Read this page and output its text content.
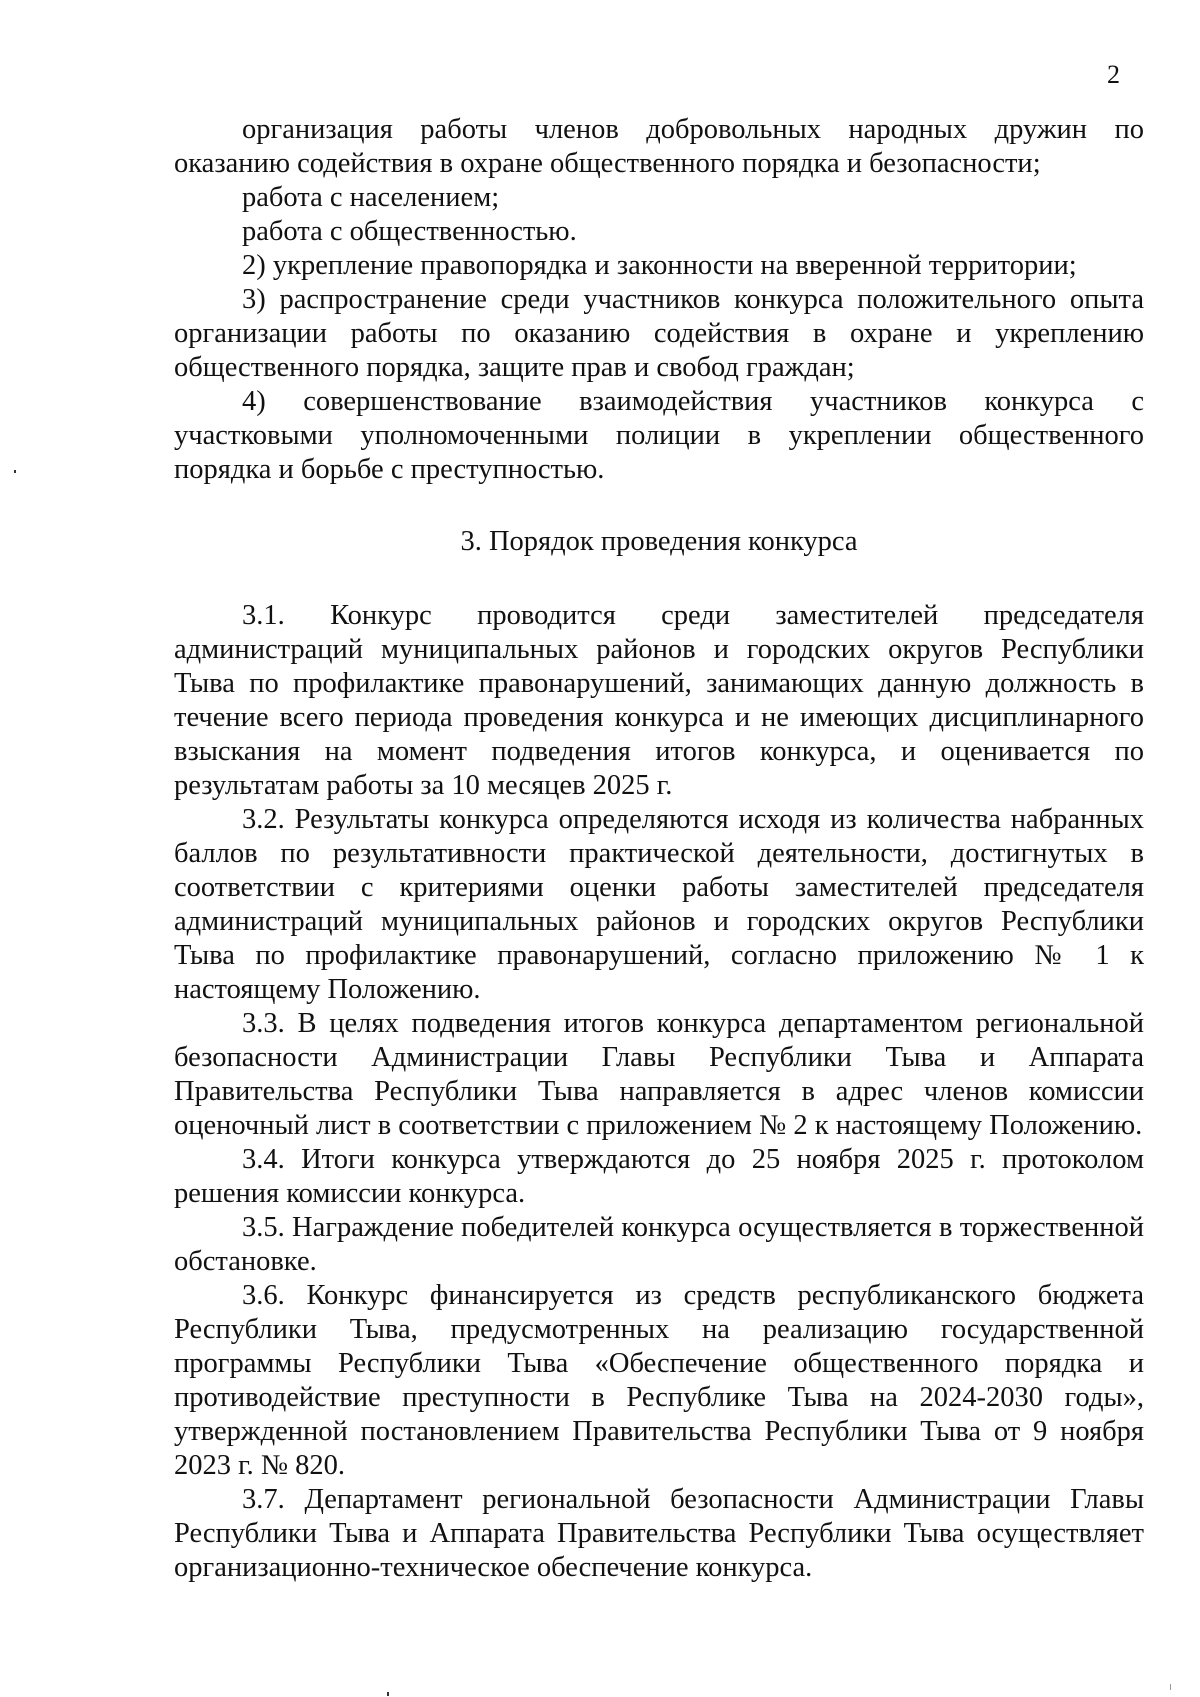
2

организация работы членов добровольных народных дружин по оказанию содействия в охране общественного порядка и безопасности;

работа с населением;

работа с общественностью.

2) укрепление правопорядка и законности на вверенной территории;

3) распространение среди участников конкурса положительного опыта организации работы по оказанию содействия в охране и укреплению общественного порядка, защите прав и свобод граждан;

4) совершенствование взаимодействия участников конкурса с участковыми уполномоченными полиции в укреплении общественного порядка и борьбе с преступностью.

3. Порядок проведения конкурса

3.1. Конкурс проводится среди заместителей председателя администраций муниципальных районов и городских округов Республики Тыва по профилактике правонарушений, занимающих данную должность в течение всего периода проведения конкурса и не имеющих дисциплинарного взыскания на момент подведения итогов конкурса, и оценивается по результатам работы за 10 месяцев 2025 г.

3.2. Результаты конкурса определяются исходя из количества набранных баллов по результативности практической деятельности, достигнутых в соответствии с критериями оценки работы заместителей председателя администраций муниципальных районов и городских округов Республики Тыва по профилактике правонарушений, согласно приложению № 1 к настоящему Положению.

3.3. В целях подведения итогов конкурса департаментом региональной безопасности Администрации Главы Республики Тыва и Аппарата Правительства Республики Тыва направляется в адрес членов комиссии оценочный лист в соответствии с приложением № 2 к настоящему Положению.

3.4. Итоги конкурса утверждаются до 25 ноября 2025 г. протоколом решения комиссии конкурса.

3.5. Награждение победителей конкурса осуществляется в торжественной обстановке.

3.6. Конкурс финансируется из средств республиканского бюджета Республики Тыва, предусмотренных на реализацию государственной программы Республики Тыва «Обеспечение общественного порядка и противодействие преступности в Республике Тыва на 2024-2030 годы», утвержденной постановлением Правительства Республики Тыва от 9 ноября 2023 г. № 820.

3.7. Департамент региональной безопасности Администрации Главы Республики Тыва и Аппарата Правительства Республики Тыва осуществляет организационно-техническое обеспечение конкурса.
